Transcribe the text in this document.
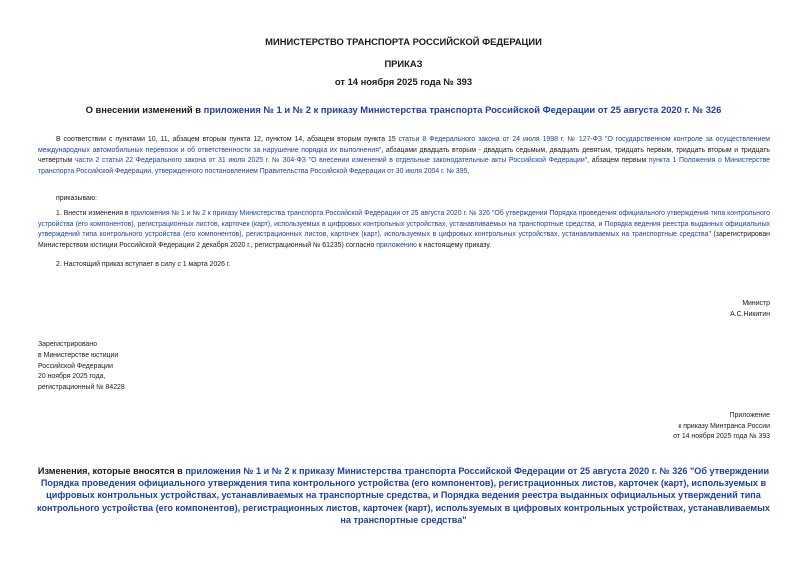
МИНИСТЕРСТВО ТРАНСПОРТА РОССИЙСКОЙ ФЕДЕРАЦИИ
ПРИКАЗ
от 14 ноября 2025 года № 393
О внесении изменений в приложения № 1 и № 2 к приказу Министерства транспорта Российской Федерации от 25 августа 2020 г. № 326
В соответствии с пунктами 10, 11, абзацем вторым пункта 12, пунктом 14, абзацем вторым пункта 15 статьи 8 Федерального закона от 24 июля 1998 г. № 127-ФЗ "О государственном контроле за осуществлением международных автомобильных перевозок и об ответственности за нарушение порядка их выполнения", абзацами двадцать вторым - двадцать седьмым, двадцать девятым, тридцать первым, тридцать вторым и тридцать четвертым части 2 статьи 22 Федерального закона от 31 июля 2025 г. № 304-ФЗ "О внесении изменений в отдельные законодательные акты Российской Федерации", абзацем первым пункта 1 Положения о Министерстве транспорта Российской Федерации, утвержденного постановлением Правительства Российской Федерации от 30 июля 2004 г. № 395,
приказываю:
1. Внести изменения в приложения № 1 и № 2 к приказу Министерства транспорта Российской Федерации от 25 августа 2020 г. № 326 "Об утверждении Порядка проведения официального утверждения типа контрольного устройства (его компонентов), регистрационных листов, карточек (карт), используемых в цифровых контрольных устройствах, устанавливаемых на транспортные средства, и Порядка ведения реестра выданных официальных утверждений типа контрольного устройства (его компонентов), регистрационных листов, карточек (карт), используемых в цифровых контрольных устройствах, устанавливаемых на транспортные средства" (зарегистрирован Министерством юстиции Российской Федерации 2 декабря 2020 г., регистрационный № 61235) согласно приложению к настоящему приказу.
2. Настоящий приказ вступает в силу с 1 марта 2026 г.
Министр
А.С.Никитин
Зарегистрировано
в Министерстве юстиции
Российской Федерации
20 ноября 2025 года,
регистрационный № 84228
Приложение
к приказу Минтранса России
от 14 ноября 2025 года № 393
Изменения, которые вносятся в приложения № 1 и № 2 к приказу Министерства транспорта Российской Федерации от 25 августа 2020 г. № 326 "Об утверждении Порядка проведения официального утверждения типа контрольного устройства (его компонентов), регистрационных листов, карточек (карт), используемых в цифровых контрольных устройствах, устанавливаемых на транспортные средства, и Порядка ведения реестра выданных официальных утверждений типа контрольного устройства (его компонентов), регистрационных листов, карточек (карт), используемых в цифровых контрольных устройствах, устанавливаемых на транспортные средства"
